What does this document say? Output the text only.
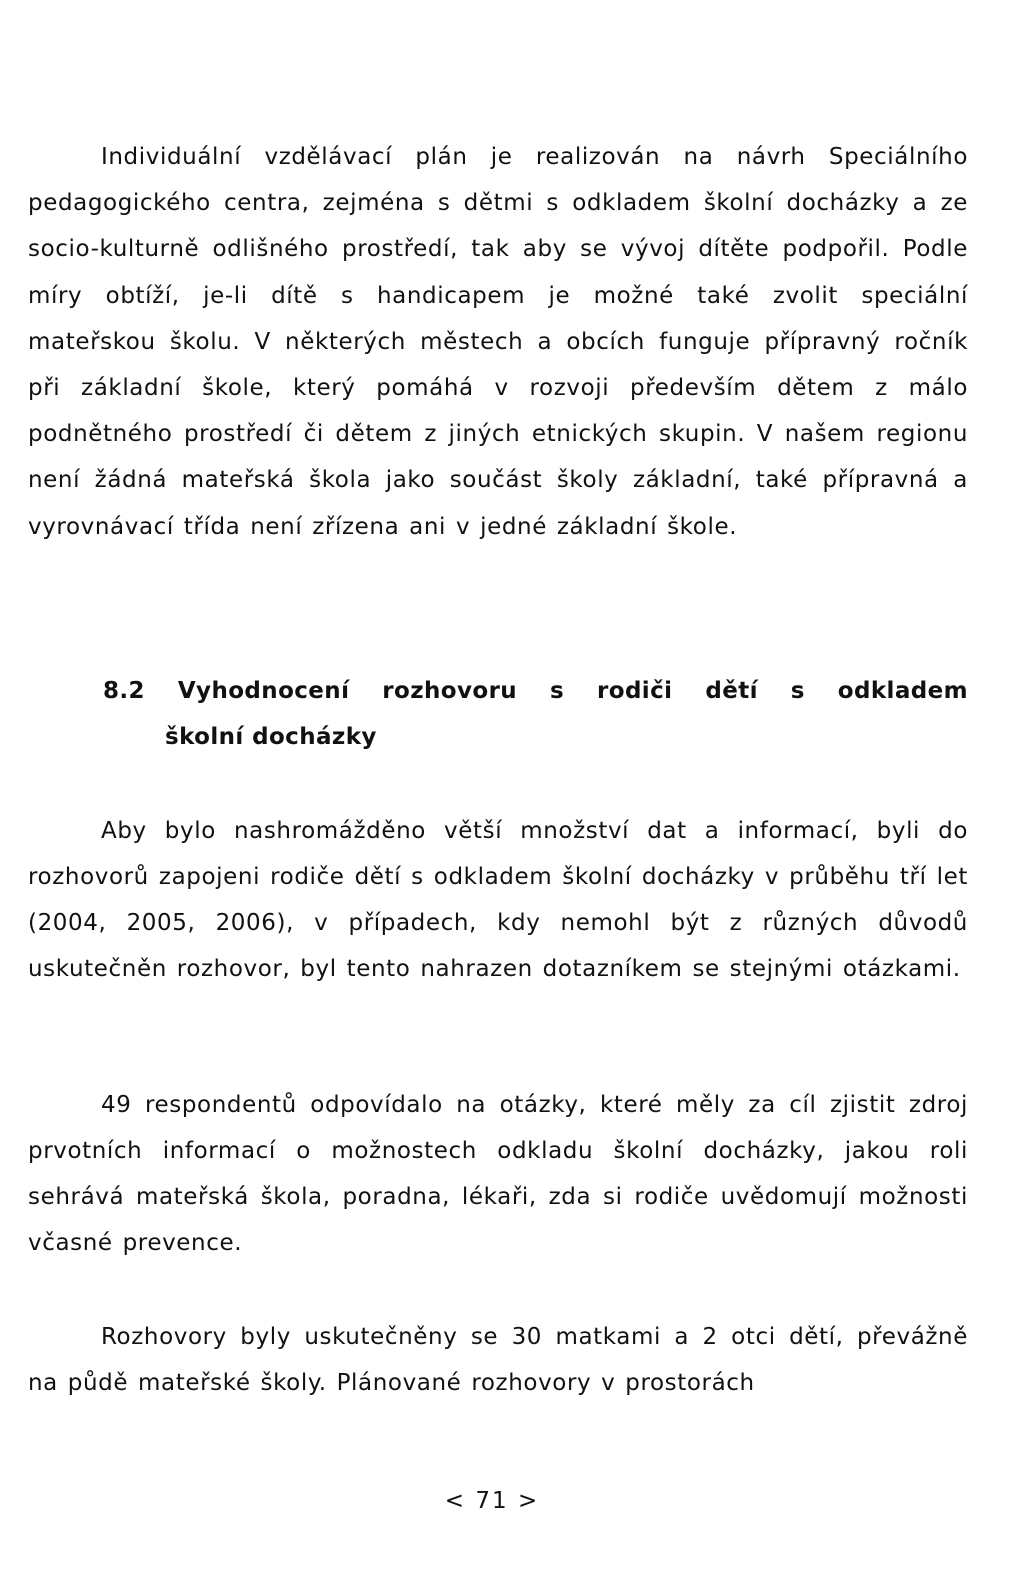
Individuální vzdělávací plán je realizován na návrh Speciálního pedagogického centra, zejména s dětmi s odkladem školní docházky a ze socio-kulturně odlišného prostředí, tak aby se vývoj dítěte podpořil. Podle míry obtíží, je-li dítě s handicapem je možné také zvolit speciální mateřskou školu. V některých městech a obcích funguje přípravný ročník při základní škole, který pomáhá v rozvoji především dětem z málo podnětného prostředí či dětem z jiných etnických skupin. V našem regionu není žádná mateřská škola jako součást školy základní, také přípravná a vyrovnávací třída není zřízena ani v jedné základní škole.

8.2 Vyhodnocení rozhovoru s rodiči dětí s odkladem
školní docházky

Aby bylo nashromážděno větší množství dat a informací, byli do rozhovorů zapojeni rodiče dětí s odkladem školní docházky v průběhu tří let (2004, 2005, 2006), v případech, kdy nemohl být z různých důvodů uskutečněn rozhovor, byl tento nahrazen dotazníkem se stejnými otázkami.

49 respondentů odpovídalo na otázky, které měly za cíl zjistit zdroj prvotních informací o možnostech odkladu školní docházky, jakou roli sehrává mateřská škola, poradna, lékaři, zda si rodiče uvědomují možnosti včasné prevence.

Rozhovory byly uskutečněny se 30 matkami a 2 otci dětí, převážně na půdě mateřské školy. Plánované rozhovory v prostorách

< 71 >
